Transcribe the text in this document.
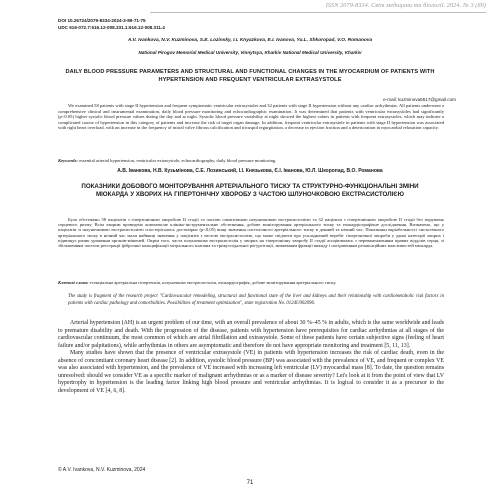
ISSN 2079-8334. Світ медицини та біології. 2024. № 3 (89)
DOI 10.26724/2079-8334-2024-3-89-71-75
UDC 616-072.7:616.12-008.331.1:616.12-008.311.4
A.V. Ivankova, N.V. Kuzminova, S.E. Lozinsky, I.I. Knyazkova, E.I. Ivanova, Yu.L. Shkoropad, V.O. Romanova
National Pirogov Memorial Medical University, Vinnytsya, Kharkiv National Medical University, Kharkiv
DAILY BLOOD PRESSURE PARAMETERS AND STRUCTURAL AND FUNCTIONAL CHANGES IN THE MYOCARDIUM OF PATIENTS WITH HYPERTENSION AND FREQUENT VENTRICULAR EXTRASYSTOLE
e-mail: kuzminova5517@gmail.com
We examined 58 patients with stage II hypertension and frequent symptomatic ventricular extrasystoles and 32 patients with stage II hypertension without any cardiac arrhythmias. All patients underwent a comprehensive clinical and instrumental examination, daily blood pressure monitoring and echocardiographic examination. It was determined that patients with ventricular extrasystoles had significantly (p<0.05) higher systolic blood pressure values during the day and at night. Systolic blood pressure variability at night showed the highest values in patients with frequent extrasystoles, which may indicate a complicated course of hypertension in this category of patients and increase the risk of target organ damage. In addition, frequent ventricular extrasystole in patients with stage II hypertension was associated with right heart overload, with an increase in the frequency of mitral valve fibrous calcification and tricuspid regurgitation, a decrease in ejection fraction and a deterioration in myocardial relaxation capacity.
Keywords: essential arterial hypertension, ventricular extrasystole, echocardiography, daily blood pressure monitoring.
А.В. Іванкова, Н.В. Кузьмінова, С.Е. Лозинський, І.І. Князькова, Є.І. Іванова, Ю.Л. Шкоропад, В.О. Романова
ПОКАЗНИКИ ДОБОВОГО МОНІТОРУВАННЯ АРТЕРІАЛЬНОГО ТИСКУ ТА СТРУКТУРНО-ФУНКЦІОНАЛЬНІ ЗМІНИ МІОКАРДА У ХВОРИХ НА ГІПЕРТОНІЧНУ ХВОРОБУ З ЧАСТОЮ ШЛУНОЧКОВОЮ ЕКСТРАСИСТОЛІЄЮ
Було обстежено 58 пацієнтів з гіпертонічною хворобою II стадії та частою симптомною шлуночковою екстрасистолією та 32 пацієнти з гіпертонічною хворобою II стадії без порушень серцевого ритму. Всім хворим проведено комплексне клініко-інструментальне обстеження, добове моніторування артеріального тиску та ехокардіографічне дослідження. Визначено, що у пацієнтів зі шлуночковою екстрасистолією спостерігались достовірно (р<0,05) вищі значення систолічного артеріального тиску в денний та нічний час. Показники варіабельності систолічного артеріального тиску в нічний час мали найвищі значення у пацієнтів з частою екстрасистолією, що може свідчити про ускладнений перебіг гіпертонічної хвороби у даної категорії хворих і підвищує ризик ураження органів-мішеней. Окрім того, часта шлуночкова екстрасистолія у хворих на гіпертонічну хворобу II стадії асоціювалась з перевантаженням правих відділів серця, зі збільшенням частоти реєстрації фіброзної кальцифікації мітрального клапана та трикуспідальної регургітації, зниженням фракції викиду і погіршенням релаксаційних властивостей міокарда.
Ключові слова: есенціальна артеріальна гіпертензія, шлуночкова екстрасистолія, ехокардіографія, добове моніторування артеріального тиску.
The study is fragment of the research project "Cardiovascular remodeling, structural and functional state of the liver and kidneys and their relationship with cardiometabolic risk factors in patients with cardiac pathology and comorbidities. Possibilities of treatment optimization", state registration No. 0124U002096.

Arterial hypertension (AH) is an urgent problem of our time, with an overall prevalence of about 30 %–45 % in adults, which is the same worldwide and leads to premature disability and death. With the progression of the disease, patients with hypertension have prerequisites for cardiac arrhythmias at all stages of the cardiovascular continuum, the most common of which are atrial fibrillation and extrasystole. Some of these patients have certain subjective signs (feeling of heart failure and/or palpitations), while arrhythmias in others are asymptomatic and therefore do not have appropriate monitoring and treatment [5, 11, 13].

Many studies have shown that the presence of ventricular extrasystole (VE) in patients with hypertension increases the risk of cardiac death, even in the absence of concomitant coronary heart disease [2]. In addition, systolic blood pressure (BP) was associated with the prevalence of VE, and frequent or complex VE was also associated with hypertension, and the prevalence of VE increased with increasing left ventricular (LV) myocardial mass [8]. To date, the question remains unresolved: should we consider VE as a specific marker of malignant arrhythmias or as a marker of disease severity? Let's look at it from the point of view that LV hypertrophy in hypertension is the leading factor linking high blood pressure and ventricular arrhythmias. It is logical to consider it as a precursor to the development of VE [4, 6, 8].

© A.V. Ivankova, N.V. Kuzminova, 2024
71
